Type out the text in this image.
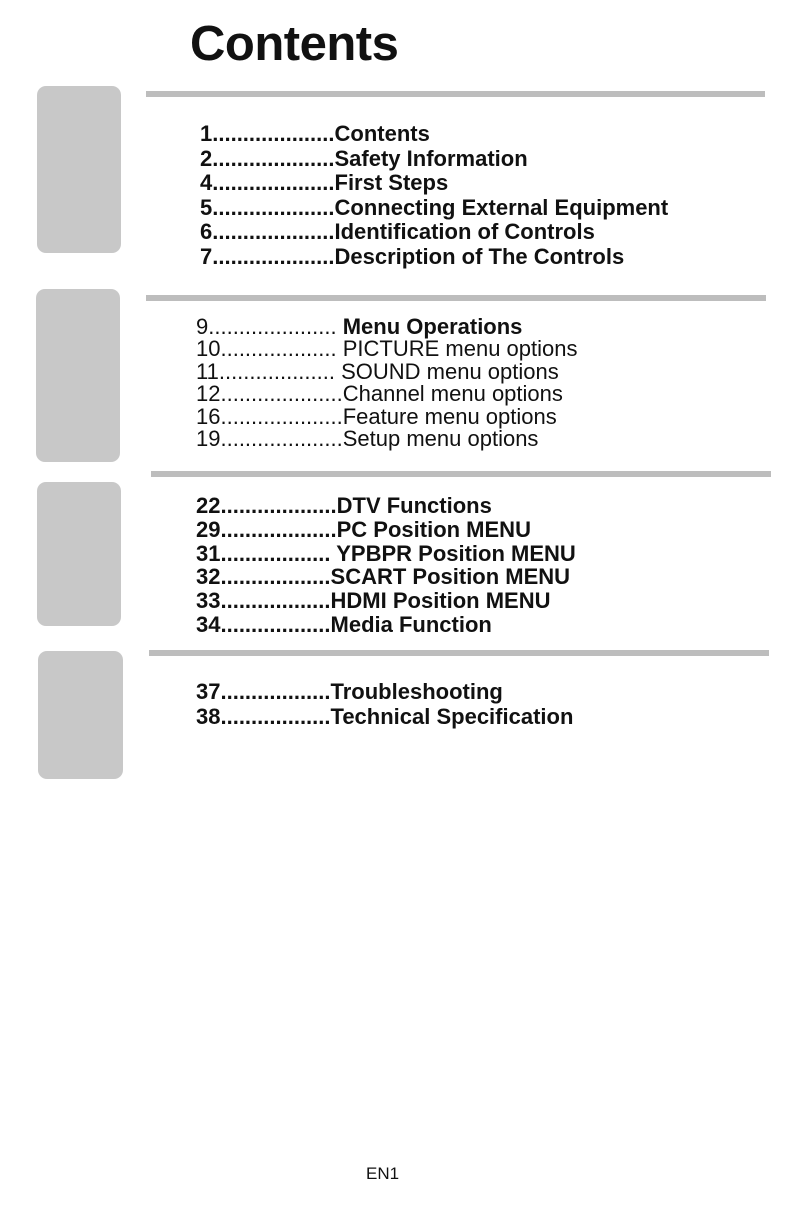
Contents
1....................Contents
2....................Safety Information
4....................First Steps
5....................Connecting External Equipment
6....................Identification of Controls
7....................Description of The Controls
9..................... Menu Operations
10................... PICTURE menu options
11................... SOUND menu options
12....................Channel menu options
16....................Feature menu options
19....................Setup menu options
22...................DTV Functions
29...................PC Position MENU
31.................. YPBPR Position MENU
32..................SCART Position MENU
33..................HDMI Position MENU
34..................Media Function
37..................Troubleshooting
38..................Technical Specification
EN1
